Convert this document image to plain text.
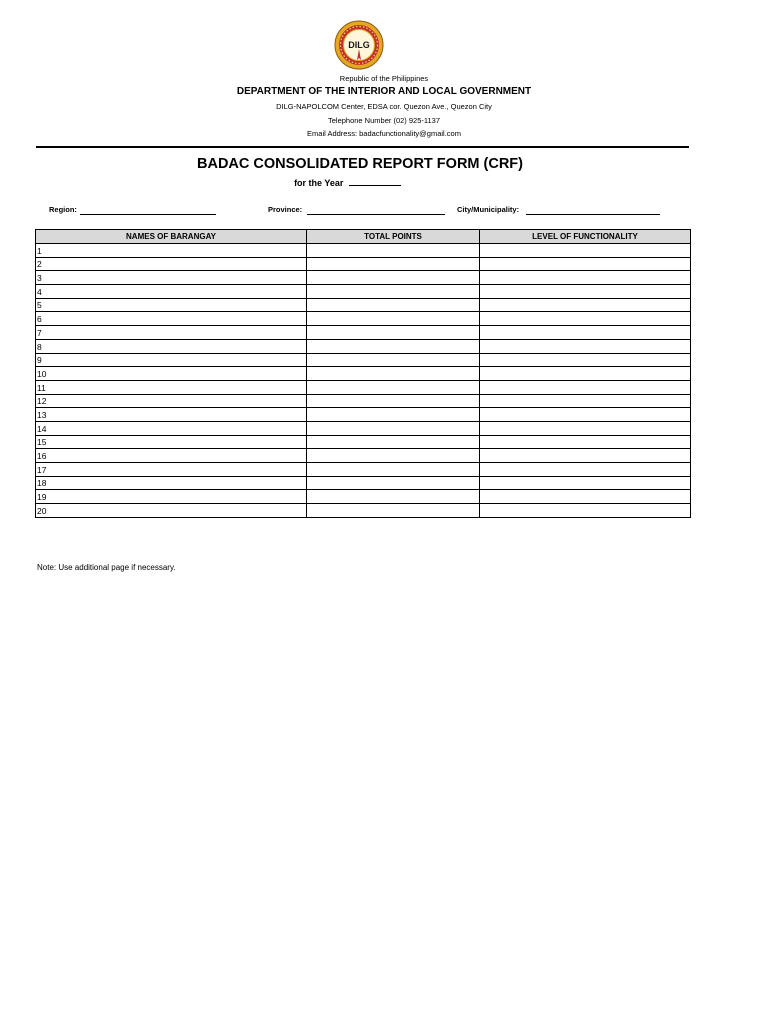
DILG
Republic of the Philippines
DEPARTMENT OF THE INTERIOR AND LOCAL GOVERNMENT
DILG-NAPOLCOM Center, EDSA cor. Quezon Ave., Quezon City
Telephone Number (02) 925-1137
Email Address: badacfunctionality@gmail.com
BADAC CONSOLIDATED REPORT FORM (CRF)
for the Year
Region:	Province:	City/Municipality:
NAMES OF BARANGAY	TOTAL POINTS	LEVEL OF FUNCTIONALITY
1		
2		
3		
4		
5		
6		
7		
8		
9		
10		
11		
12		
13		
14		
15		
16		
17		
18		
19		
20		
Note: Use additional page if necessary.
